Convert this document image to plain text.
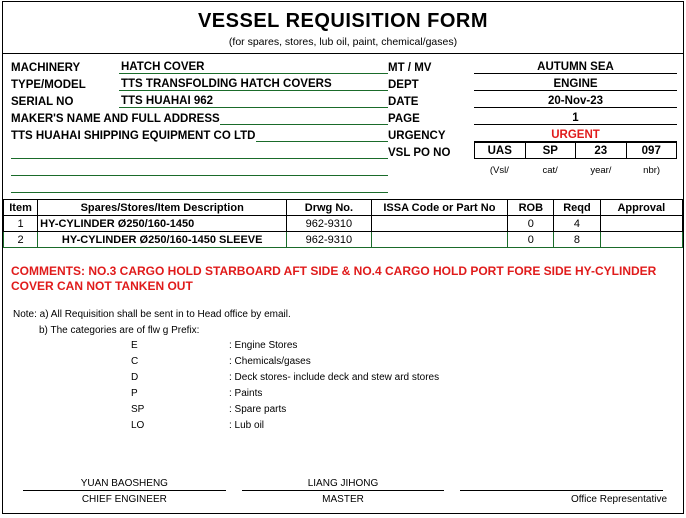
VESSEL REQUISITION FORM
(for spares, stores, lub oil, paint, chemical/gases)
MACHINERY	HATCH COVER
TYPE/MODEL	TTS TRANSFOLDING HATCH COVERS
SERIAL NO	TTS HUAHAI 962
MAKER'S NAME AND FULL ADDRESS
TTS HUAHAI SHIPPING EQUIPMENT CO LTD
MT / MV	AUTUMN SEA
DEPT	ENGINE
DATE	20-Nov-23
PAGE	1
URGENCY	URGENT
VSL PO NO	UAS	SP	23	097
(Vsl/	cat/	year/	nbr)
Item	Spares/Stores/Item Description	Drwg No.	ISSA Code or Part No	ROB	Reqd	Approval
1	HY-CYLINDER Ø250/160-1450	962-9310		0	4	
2	HY-CYLINDER Ø250/160-1450 SLEEVE	962-9310		0	8	
COMMENTS: NO.3 CARGO HOLD STARBOARD AFT SIDE & NO.4 CARGO HOLD PORT FORE SIDE HY-CYLINDER COVER CAN NOT TANKEN OUT
Note: a) All Requisition shall be sent in to Head office by email.
b) The categories are of flw g Prefix:
E	: Engine Stores
C	: Chemicals/gases
D	: Deck stores- include deck and stew ard stores
P	: Paints
SP	: Spare parts
LO	: Lub oil
YUAN BAOSHENG
CHIEF ENGINEER
LIANG JIHONG
MASTER
	Office Representative
